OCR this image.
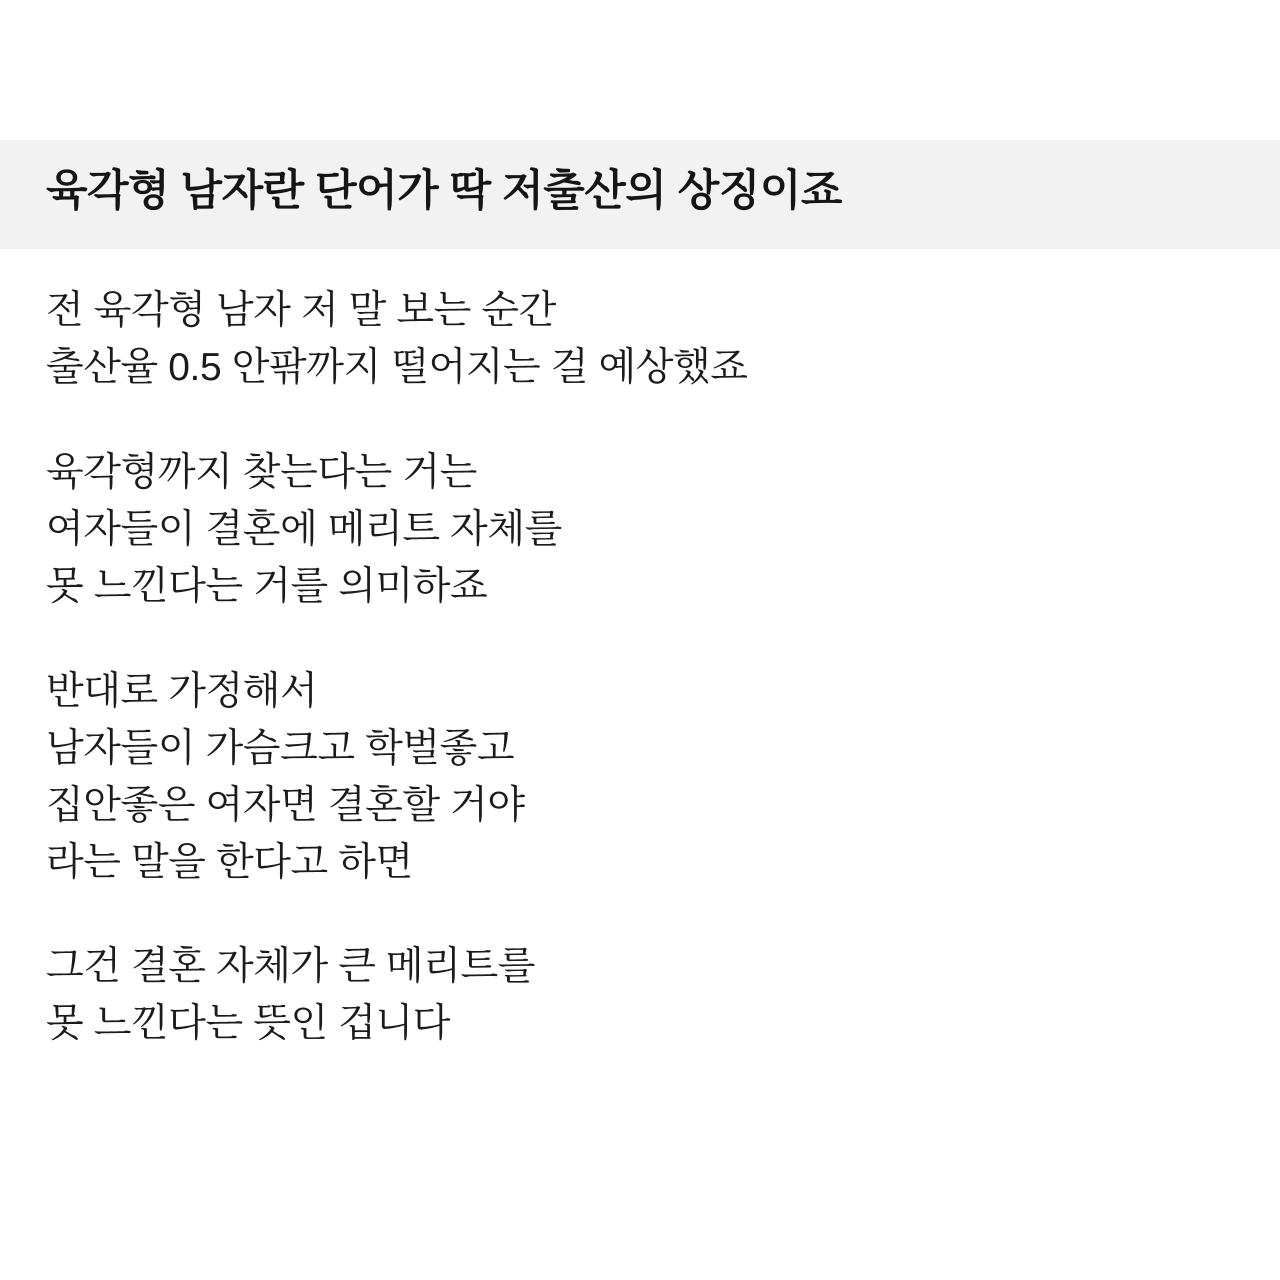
육각형 남자란 단어가 딱 저출산의 상징이죠
전 육각형 남자 저 말 보는 순간
출산율 0.5 안팎까지 떨어지는 걸 예상했죠
육각형까지 찾는다는 거는
여자들이 결혼에 메리트 자체를
못 느낀다는 거를 의미하죠
반대로 가정해서
남자들이 가슴크고 학벌좋고
집안좋은 여자면 결혼할 거야
라는 말을 한다고 하면
그건 결혼 자체가 큰 메리트를
못 느낀다는 뜻인 겁니다
